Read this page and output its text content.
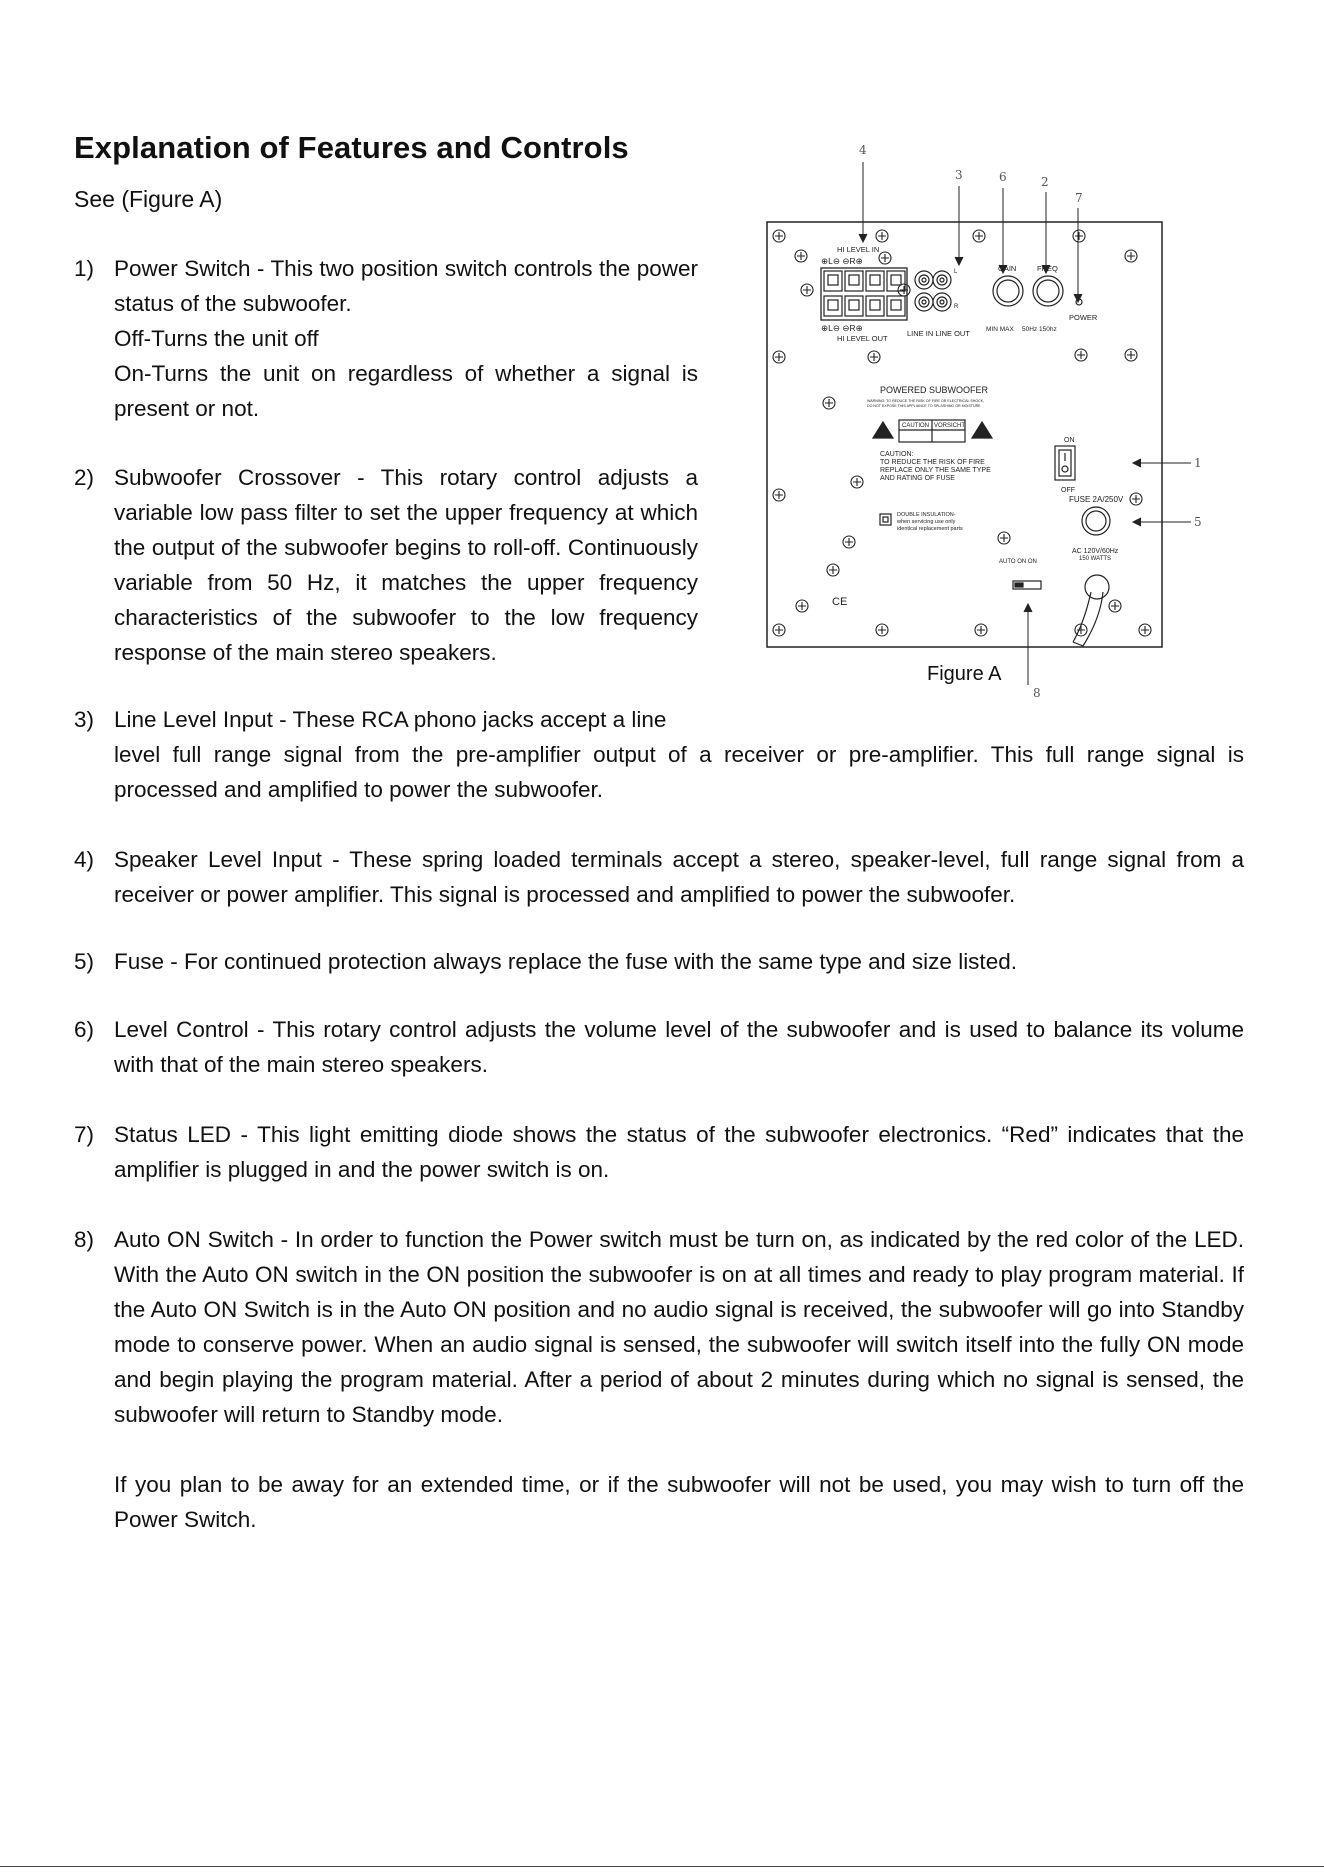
Explanation of Features and Controls
See (Figure A)
1) Power Switch - This two position switch controls the power status of the subwoofer.

Off-Turns the unit off

On-Turns the unit on regardless of whether a signal is present or not.

2) Subwoofer Crossover - This rotary control adjusts a variable low pass filter to set the upper frequency at which the output of the subwoofer begins to roll-off. Continuously variable from 50 Hz, it matches the upper frequency characteristics of the subwoofer to the low frequency response of the main stereo speakers.

3) Line Level Input - These RCA phono jacks accept a line

level full range signal from the pre-amplifier output of a receiver or pre-amplifier. This full range signal is processed and amplified to power the subwoofer.

4) Speaker Level Input - These spring loaded terminals accept a stereo, speaker-level, full range signal from a receiver or power amplifier. This signal is processed and amplified to power the subwoofer.
5) Fuse - For continued protection always replace the fuse with the same type and size listed.
6) Level Control - This rotary control adjusts the volume level of the subwoofer and is used to balance its volume with that of the main stereo speakers.
7) Status LED - This light emitting diode shows the status of the subwoofer electronics. “Red” indicates that the amplifier is plugged in and the power switch is on.
8) Auto ON Switch - In order to function the Power switch must be turn on, as indicated by the red color of the LED. With the Auto ON switch in the ON position the subwoofer is on at all times and ready to play program material. If the Auto ON Switch is in the Auto ON position and no audio signal is received, the subwoofer will go into Standby mode to conserve power. When an audio signal is sensed, the subwoofer will switch itself into the fully ON mode and begin playing the program material. After a period of about 2 minutes during which no signal is sensed, the subwoofer will return to Standby mode.
If you plan to be away for an extended time, or if the subwoofer will not be used, you may wish to turn off the Power Switch.
4
3	6	2
7
1
5
8
HI LEVEL IN
⊕L⊖ ⊖R⊕
⊕L⊖ ⊖R⊕
HI LEVEL OUT
LINE IN LINE OUT
L
R
GAIN	FREQ
MIN MAX 50Hz 150hz
POWER
POWERED SUBWOOFER
WARNING: TO REDUCE THE RISK OF FIRE OR ELECTRICAL SHOCK,
DO NOT EXPOSE THIS APPLIANCE TO SPLASHING OR MOISTURE
CAUTION VORSICHT
CAUTION:
TO REDUCE THE RISK OF FIRE
REPLACE ONLY THE SAME TYPE
AND RATING OF FUSE
DOUBLE INSULATION-
when servicing use only
identical replacement parts
ON
OFF
FUSE 2A/250V
AC 120V/60Hz
150 WATTS
AUTO ON ON
CE
Figure A
